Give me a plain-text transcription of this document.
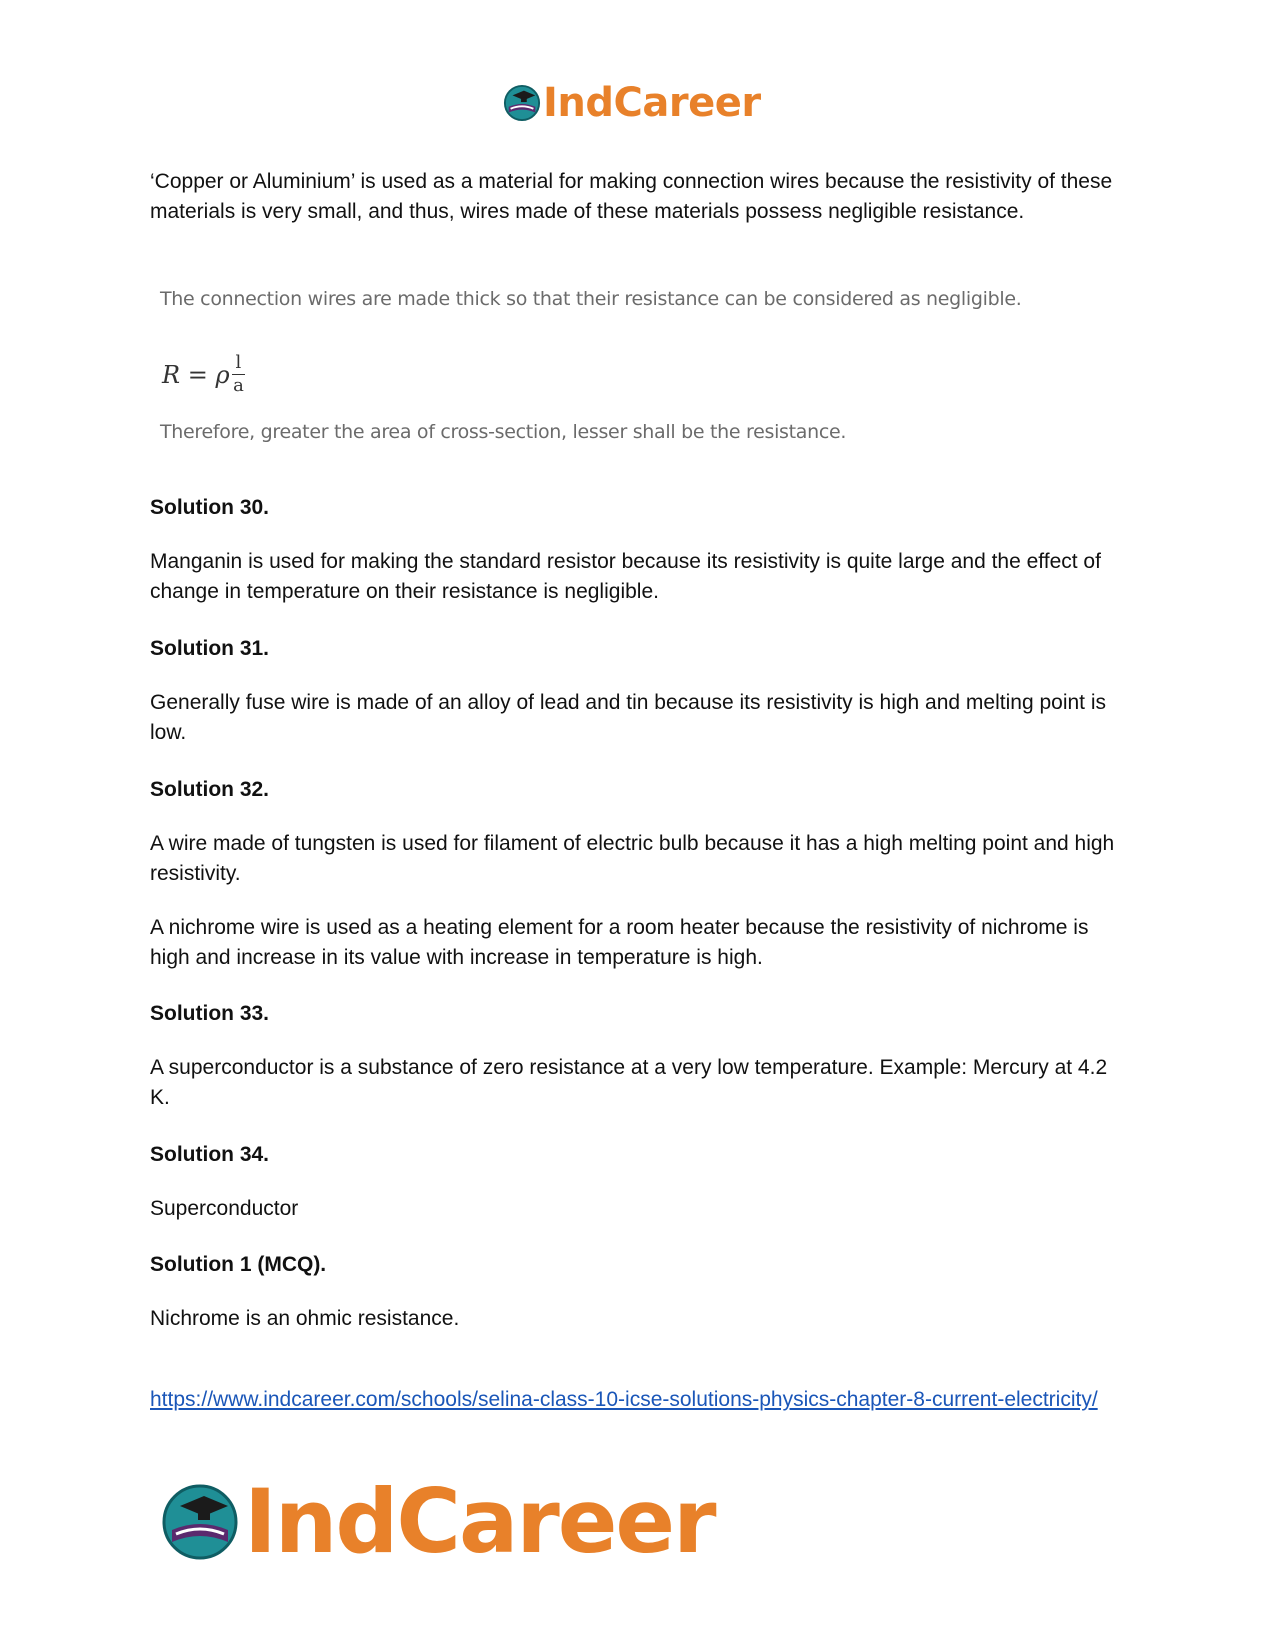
IndCareer

‘Copper or Aluminium’ is used as a material for making connection wires because the resistivity of these materials is very small, and thus, wires made of these materials possess negligible resistance.

The connection wires are made thick so that their resistance can be considered as negligible.
R = ρ $\frac{l}{a}$
Therefore, greater the area of cross-section, lesser shall be the resistance.

Solution 30.

Manganin is used for making the standard resistor because its resistivity is quite large and the effect of change in temperature on their resistance is negligible.

Solution 31.

Generally fuse wire is made of an alloy of lead and tin because its resistivity is high and melting point is low.

Solution 32.

A wire made of tungsten is used for filament of electric bulb because it has a high melting point and high resistivity.

A nichrome wire is used as a heating element for a room heater because the resistivity of nichrome is high and increase in its value with increase in temperature is high.

Solution 33.

A superconductor is a substance of zero resistance at a very low temperature. Example: Mercury at 4.2 K.

Solution 34.

Superconductor

Solution 1 (MCQ).

Nichrome is an ohmic resistance.

https://www.indcareer.com/schools/selina-class-10-icse-solutions-physics-chapter-8-current-electricity/
IndCareer
